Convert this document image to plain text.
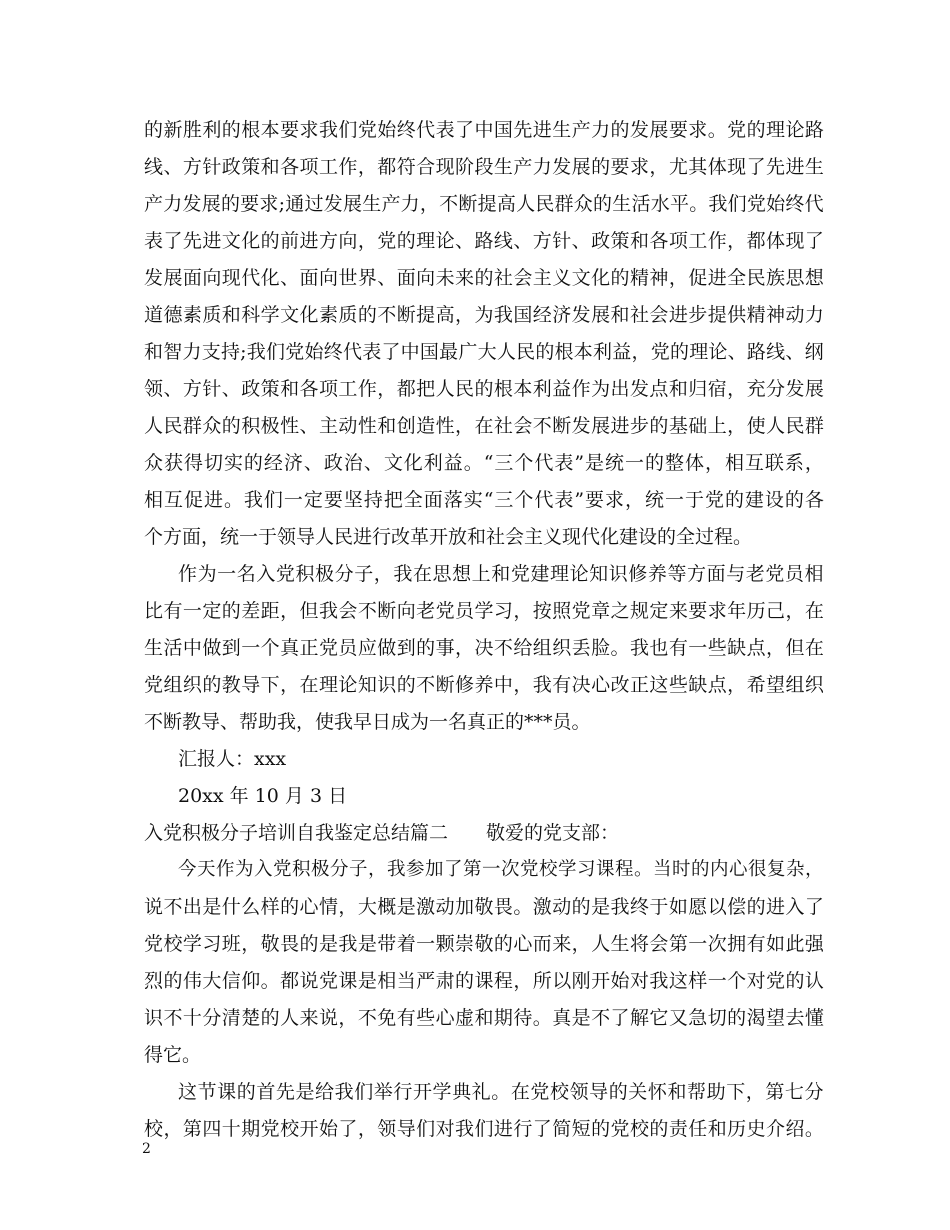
的 新 胜 利 的 根 本 要 求 我 们 党 始 终 代 表 了 中 国 先 进 生 产 力 的 发 展 要 求 。 党 的 理 论 路
线 、 方 针 政 策 和 各 项 工 作 ， 都 符 合 现 阶 段 生 产 力 发 展 的 要 求 ， 尤 其 体 现 了 先 进 生
产 力 发 展 的 要 求 ; 通 过 发 展 生 产 力 ， 不 断 提 高 人 民 群 众 的 生 活 水 平 。 我 们 党 始 终 代
表 了 先 进 文 化 的 前 进 方 向 ， 党 的 理 论 、 路 线 、 方 针 、 政 策 和 各 项 工 作 ， 都 体 现 了
发 展 面 向 现 代 化 、 面 向 世 界 、 面 向 未 来 的 社 会 主 义 文 化 的 精 神 ， 促 进 全 民 族 思 想
道 德 素 质 和 科 学 文 化 素 质 的 不 断 提 高 ， 为 我 国 经 济 发 展 和 社 会 进 步 提 供 精 神 动 力
和 智 力 支 持 ; 我 们 党 始 终 代 表 了 中 国 最 广 大 人 民 的 根 本 利 益 ， 党 的 理 论 、 路 线 、 纲
领 、 方 针 、 政 策 和 各 项 工 作 ， 都 把 人 民 的 根 本 利 益 作 为 出 发 点 和 归 宿 ， 充 分 发 展
人 民 群 众 的 积 极 性 、 主 动 性 和 创 造 性 ， 在 社 会 不 断 发 展 进 步 的 基 础 上 ， 使 人 民 群
众 获 得 切 实 的 经 济 、 政 治 、 文 化 利 益 。 “ 三 个 代 表 ” 是 统 一 的 整 体 ， 相 互 联 系 ，
相 互 促 进 。 我 们 一 定 要 坚 持 把 全 面 落 实 “ 三 个 代 表 ” 要 求 ， 统 一 于 党 的 建 设 的 各
个方面，统一于领导人民进行改革开放和社会主义现代化建设的全过程。
作 为 一 名 入 党 积 极 分 子 ， 我 在 思 想 上 和 党 建 理 论 知 识 修 养 等 方 面 与 老 党 员 相
比 有 一 定 的 差 距 ， 但 我 会 不 断 向 老 党 员 学 习 ， 按 照 党 章 之 规 定 来 要 求 年 历 己 ， 在
生 活 中 做 到 一 个 真 正 党 员 应 做 到 的 事 ， 决 不 给 组 织 丢 脸 。 我 也 有 一 些 缺 点 ， 但 在
党 组 织 的 教 导 下 ， 在 理 论 知 识 的 不 断 修 养 中 ， 我 有 决 心 改 正 这 些 缺 点 ， 希 望 组 织
不断教导、帮助我，使我早日成为一名真正的***员。
汇报人：xxx
20xx 年 10 月 3 日
入党积极分子培训自我鉴定总结篇二　　敬爱的党支部：
今 天 作 为 入 党 积 极 分 子 ， 我 参 加 了 第 一 次 党 校 学 习 课 程 。 当 时 的 内 心 很 复 杂 ，
说 不 出 是 什 么 样 的 心 情 ， 大 概 是 激 动 加 敬 畏 。 激 动 的 是 我 终 于 如 愿 以 偿 的 进 入 了
党 校 学 习 班 ， 敬 畏 的 是 我 是 带 着 一 颗 崇 敬 的 心 而 来 ， 人 生 将 会 第 一 次 拥 有 如 此 强
烈 的 伟 大 信 仰 。 都 说 党 课 是 相 当 严 肃 的 课 程 ， 所 以 刚 开 始 对 我 这 样 一 个 对 党 的 认
识 不 十 分 清 楚 的 人 来 说 ， 不 免 有 些 心 虚 和 期 待 。 真 是 不 了 解 它 又 急 切 的 渴 望 去 懂
得它。
这 节 课 的 首 先 是 给 我 们 举 行 开 学 典 礼 。 在 党 校 领 导 的 关 怀 和 帮 助 下 ， 第 七 分
校 ， 第 四 十 期 党 校 开 始 了 ， 领 导 们 对 我 们 进 行 了 简 短 的 党 校 的 责 任 和 历 史 介 绍 。
2
